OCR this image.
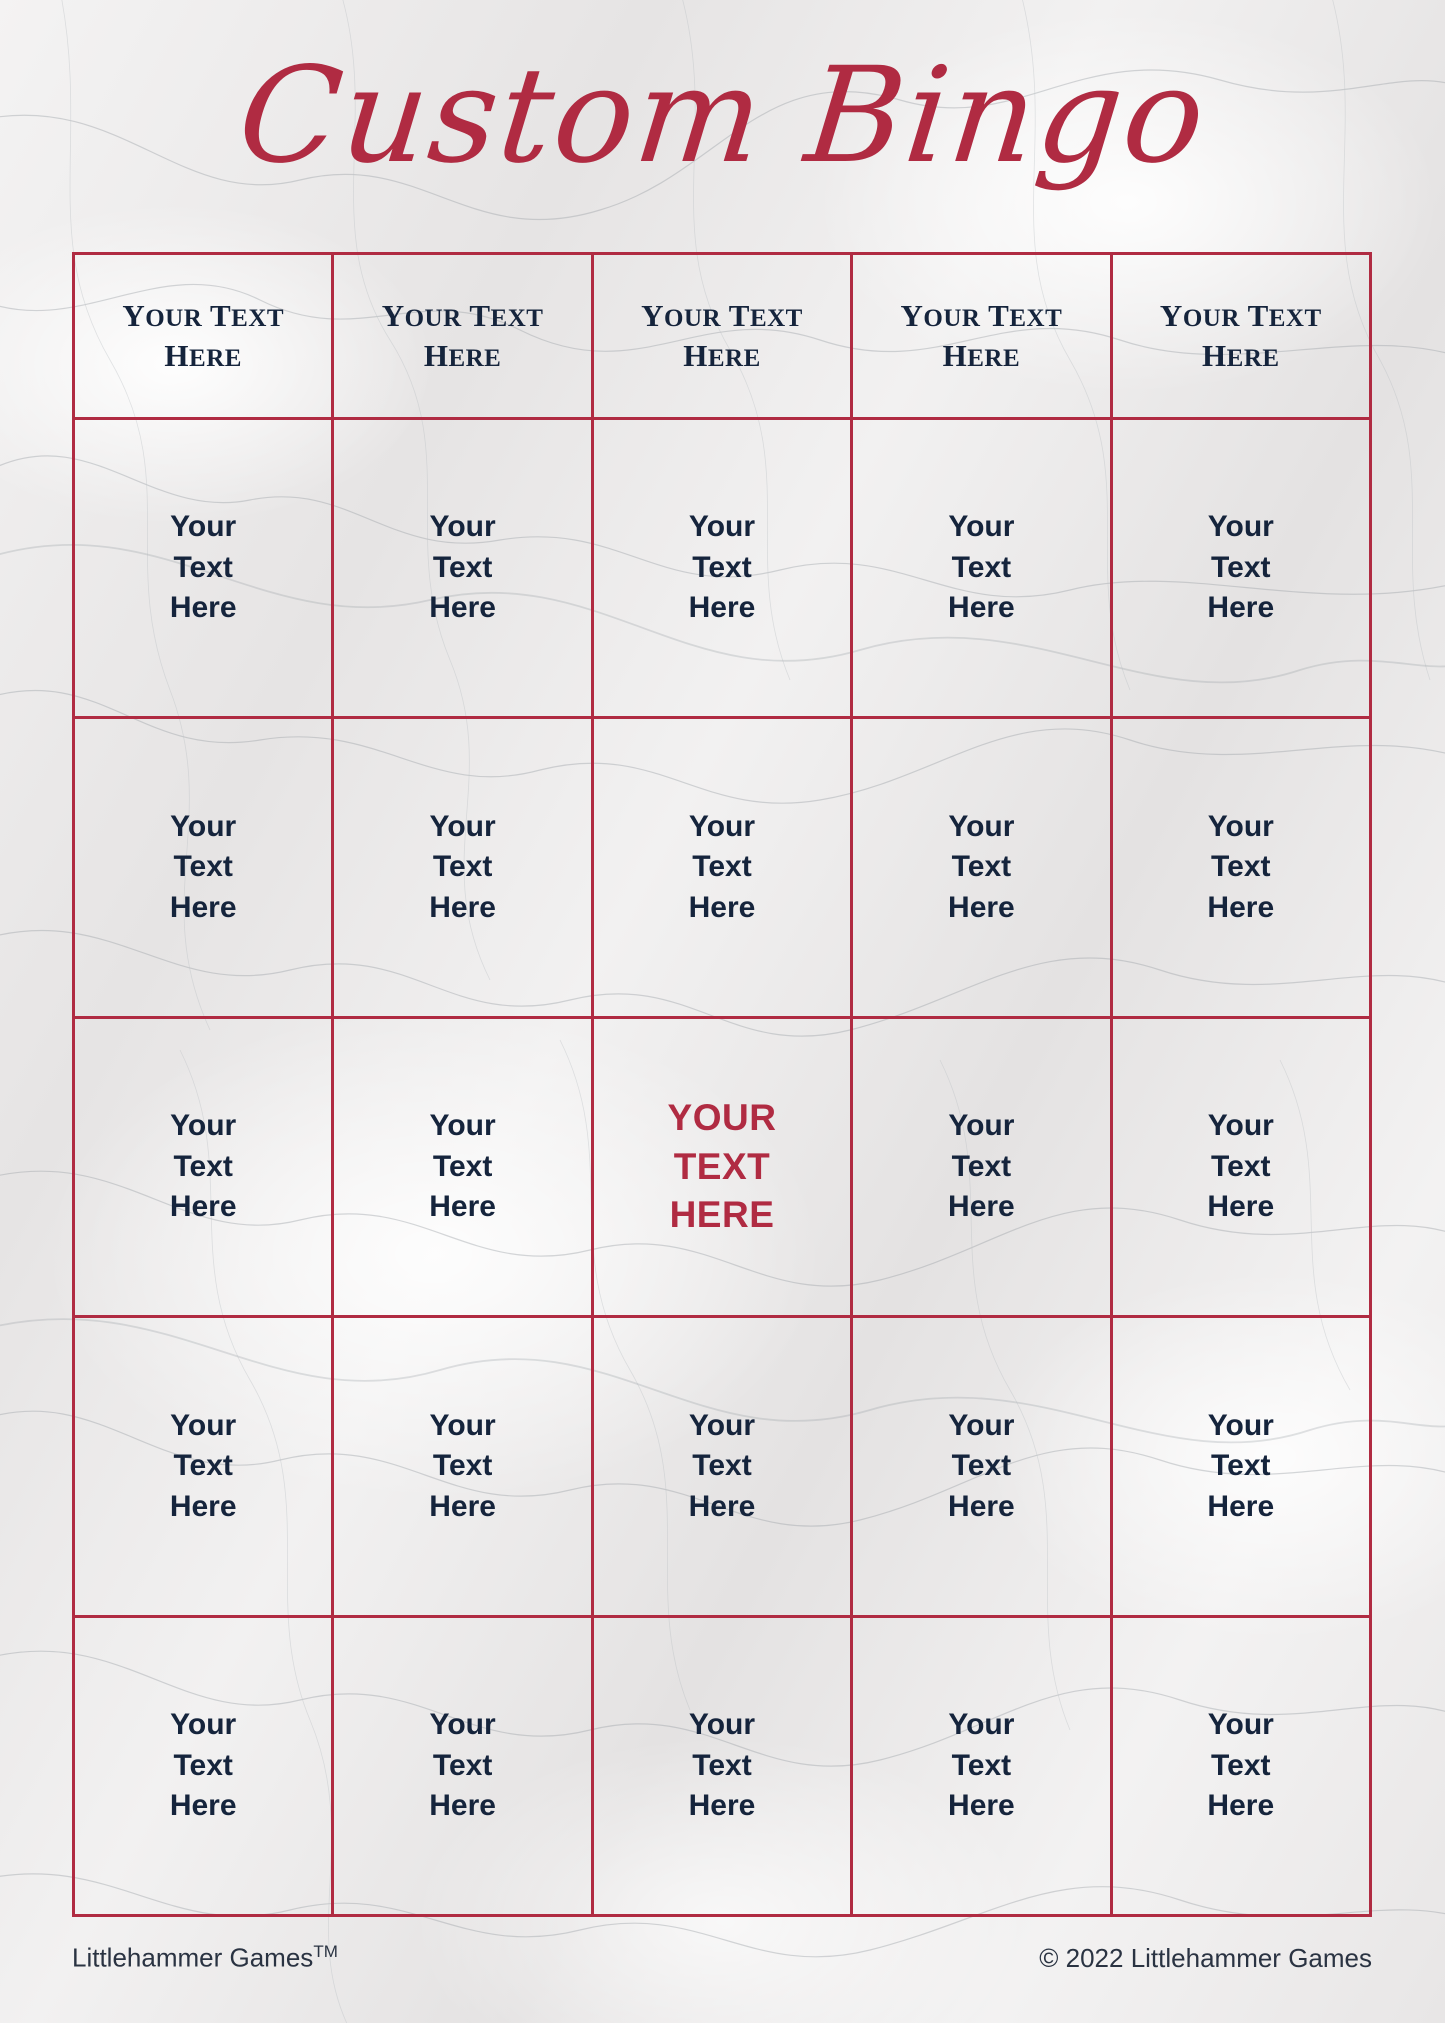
Custom Bingo
YOUR TEXT HERE
YOUR TEXT HERE
YOUR TEXT HERE
YOUR TEXT HERE
YOUR TEXT HERE
Your
Text
Here
Your
Text
Here
Your
Text
Here
Your
Text
Here
Your
Text
Here
Your
Text
Here
Your
Text
Here
Your
Text
Here
Your
Text
Here
Your
Text
Here
Your
Text
Here
Your
Text
Here
YOUR
TEXT
HERE
Your
Text
Here
Your
Text
Here
Your
Text
Here
Your
Text
Here
Your
Text
Here
Your
Text
Here
Your
Text
Here
Your
Text
Here
Your
Text
Here
Your
Text
Here
Your
Text
Here
Your
Text
Here
Littlehammer Games™	© 2022 Littlehammer Games
